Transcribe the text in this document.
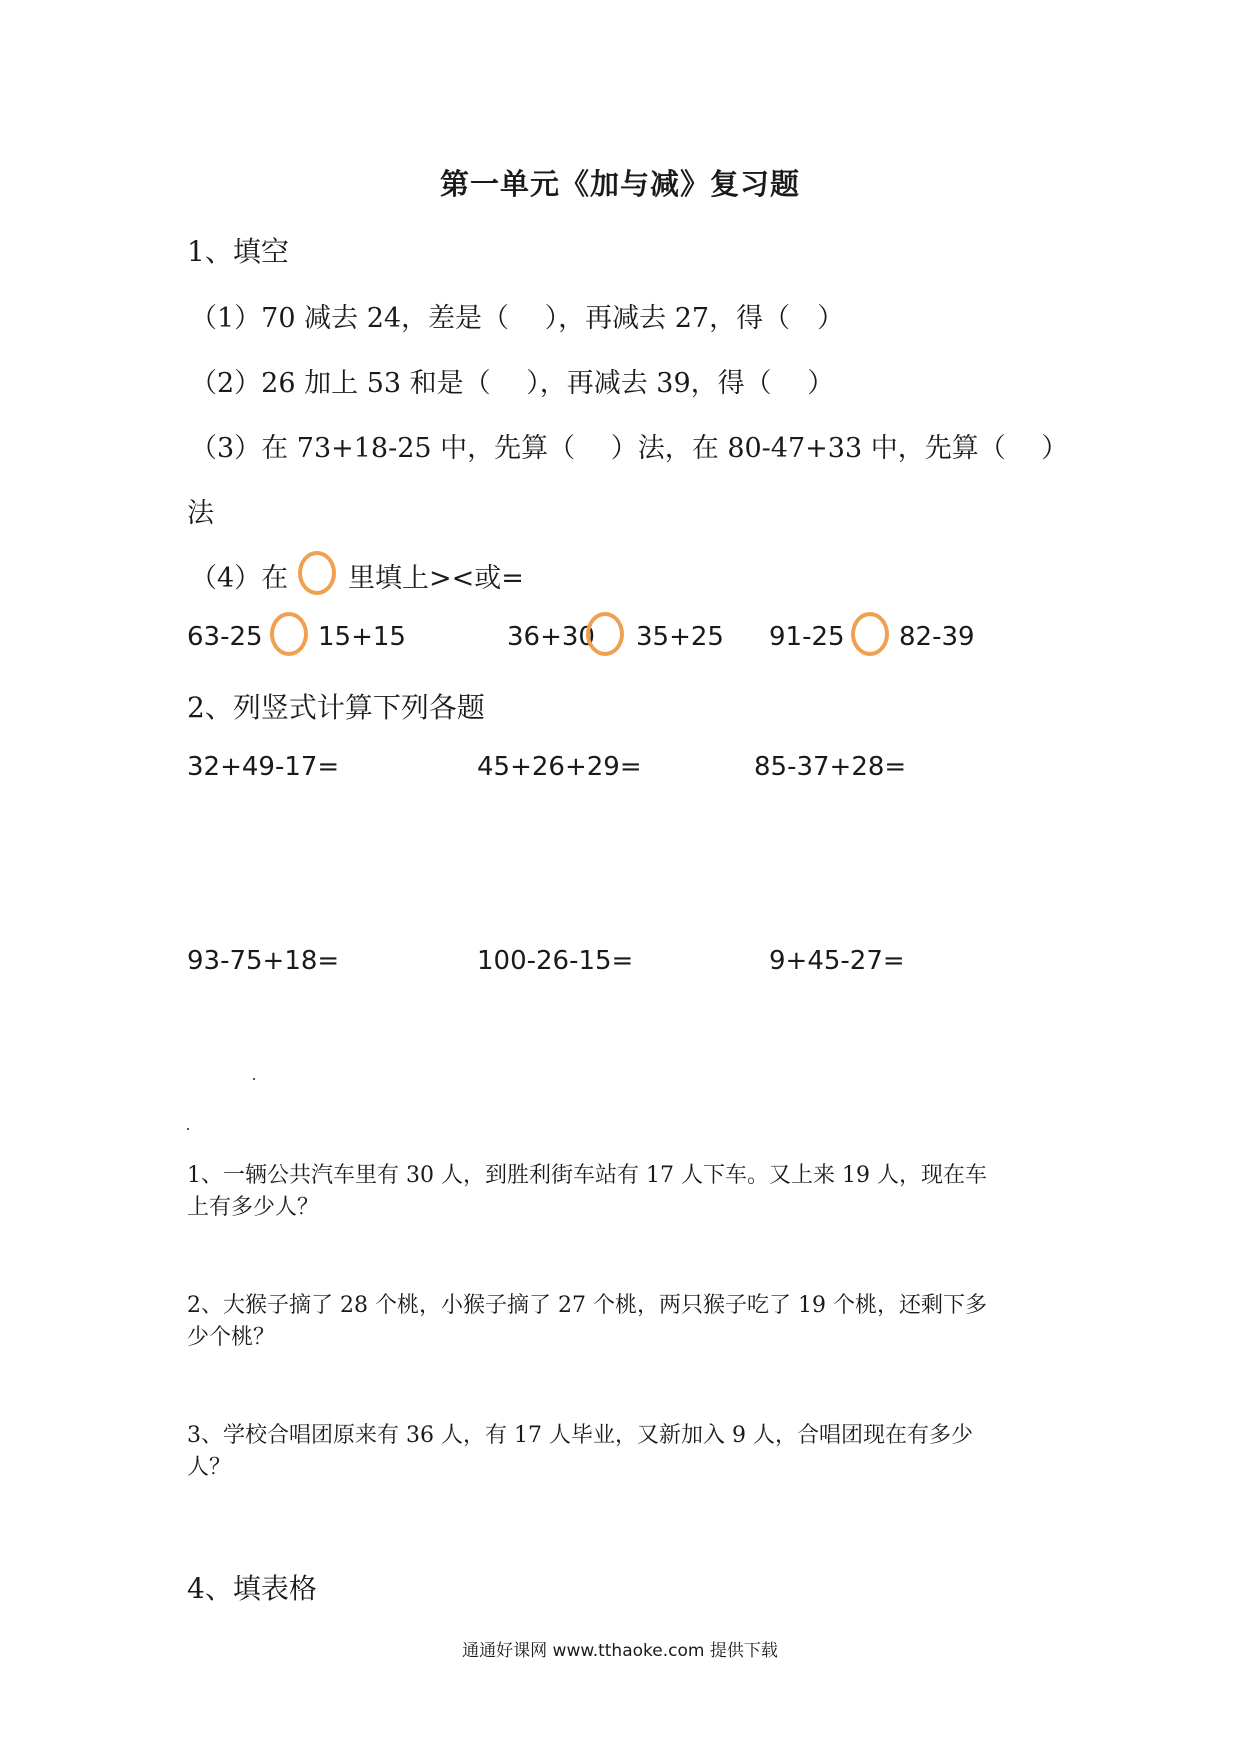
第一单元《加与减》复习题
1、填空
（1）70 减去 24，差是（　 ），再减去 27，得（　）
（2）26 加上 53 和是（　 ），再减去 39，得（　 ）
（3）在 73+18-25 中，先算（　 ）法，在 80-47+33 中，先算（　 ）
法
（4）在 里填上><或=
63-25 15+15	36+30 35+25 91-25 82-39
2、列竖式计算下列各题
32+49-17=	45+26+29=	85-37+28=
93-75+18=	100-26-15=	9+45-27=
1、一辆公共汽车里有 30 人，到胜利街车站有 17 人下车。又上来 19 人，现在车
上有多少人？
2、大猴子摘了 28 个桃，小猴子摘了 27 个桃，两只猴子吃了 19 个桃，还剩下多
少个桃？
3、学校合唱团原来有 36 人，有 17 人毕业，又新加入 9 人，合唱团现在有多少
人？
4、填表格
通通好课网 www.tthaoke.com 提供下载
